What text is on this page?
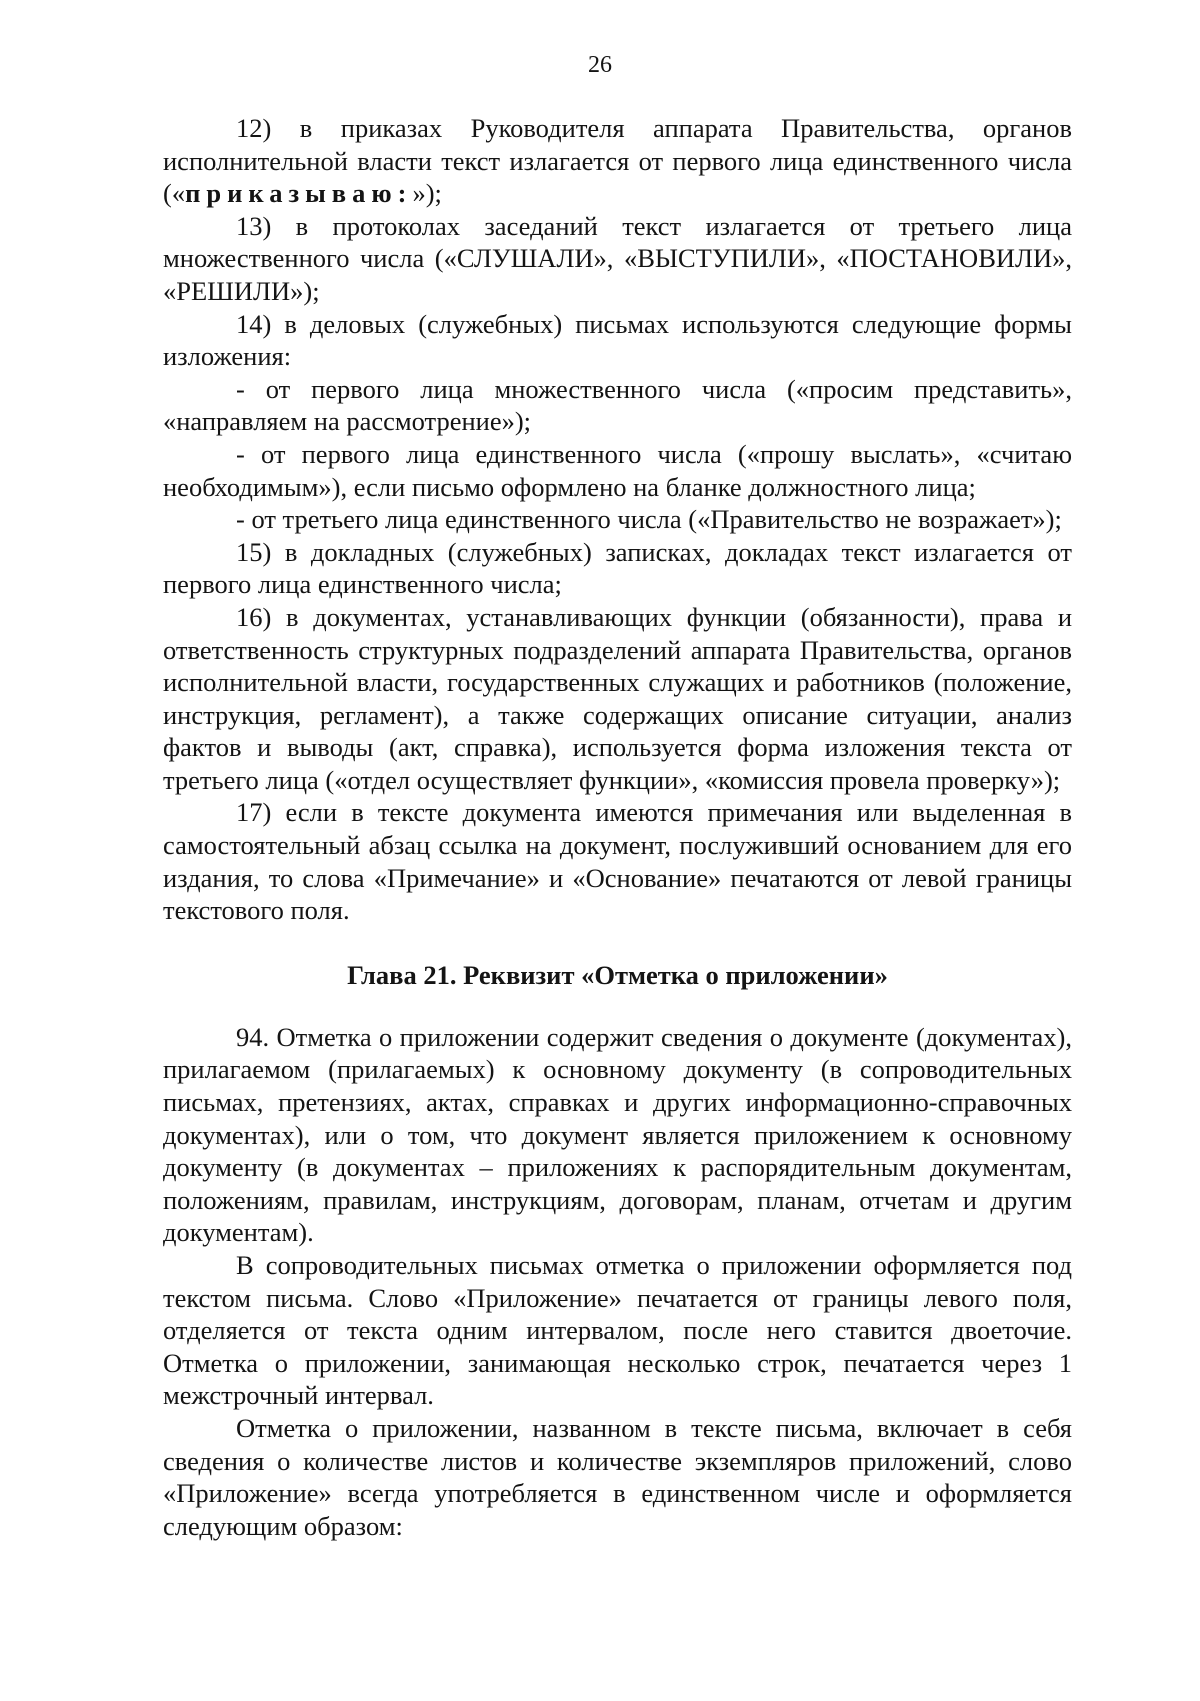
26

12) в приказах Руководителя аппарата Правительства, органов исполнительной власти текст излагается от первого лица единственного числа («приказываю:»);

13) в протоколах заседаний текст излагается от третьего лица множественного числа («СЛУШАЛИ», «ВЫСТУПИЛИ», «ПОСТАНОВИЛИ», «РЕШИЛИ»);

14) в деловых (служебных) письмах используются следующие формы изложения:

- от первого лица множественного числа («просим представить», «направляем на рассмотрение»);

- от первого лица единственного числа («прошу выслать», «считаю необходимым»), если письмо оформлено на бланке должностного лица;

- от третьего лица единственного числа («Правительство не возражает»);

15) в докладных (служебных) записках, докладах текст излагается от первого лица единственного числа;

16) в документах, устанавливающих функции (обязанности), права и ответственность структурных подразделений аппарата Правительства, органов исполнительной власти, государственных служащих и работников (положение, инструкция, регламент), а также содержащих описание ситуации, анализ фактов и выводы (акт, справка), используется форма изложения текста от третьего лица («отдел осуществляет функции», «комиссия провела проверку»);

17) если в тексте документа имеются примечания или выделенная в самостоятельный абзац ссылка на документ, послуживший основанием для его издания, то слова «Примечание» и «Основание» печатаются от левой границы текстового поля.

Глава 21. Реквизит «Отметка о приложении»

94. Отметка о приложении содержит сведения о документе (документах), прилагаемом (прилагаемых) к основному документу (в сопроводительных письмах, претензиях, актах, справках и других информационно-справочных документах), или о том, что документ является приложением к основному документу (в документах – приложениях к распорядительным документам, положениям, правилам, инструкциям, договорам, планам, отчетам и другим документам).

В сопроводительных письмах отметка о приложении оформляется под текстом письма. Слово «Приложение» печатается от границы левого поля, отделяется от текста одним интервалом, после него ставится двоеточие. Отметка о приложении, занимающая несколько строк, печатается через 1 межстрочный интервал.

Отметка о приложении, названном в тексте письма, включает в себя сведения о количестве листов и количестве экземпляров приложений, слово «Приложение» всегда употребляется в единственном числе и оформляется следующим образом:
